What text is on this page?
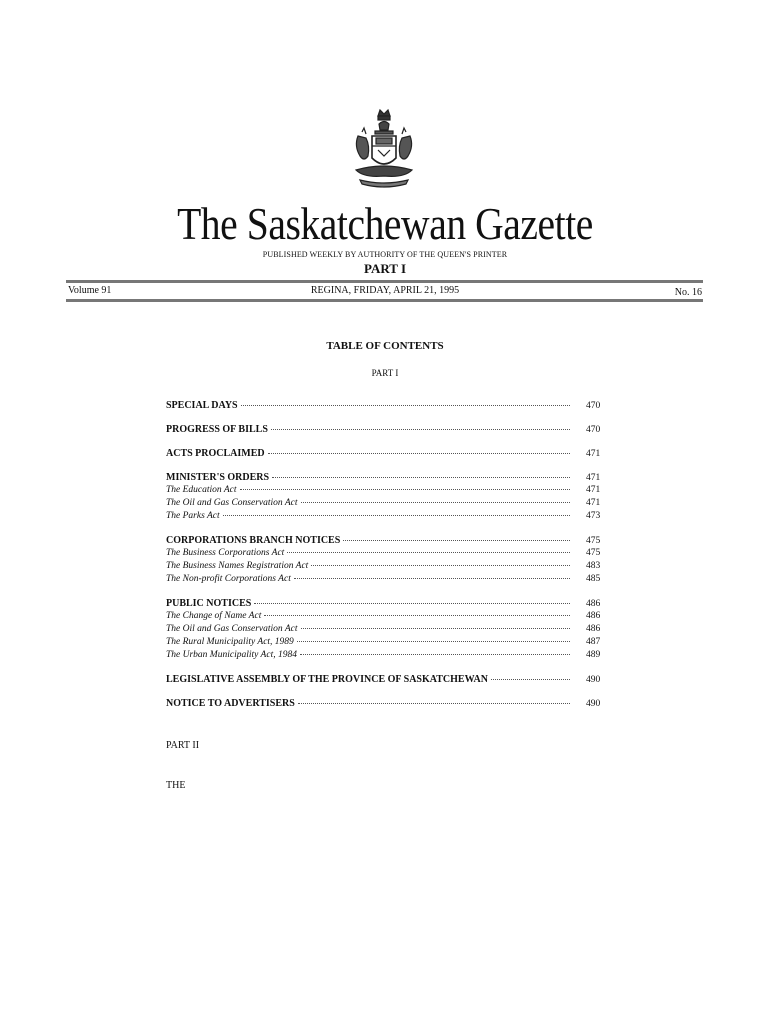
The Saskatchewan Gazette
PUBLISHED WEEKLY BY AUTHORITY OF THE QUEEN'S PRINTER
PART I
Volume 91	REGINA, FRIDAY, APRIL 21, 1995	No. 16
TABLE OF CONTENTS
PART I
SPECIAL DAYS	470
PROGRESS OF BILLS	470
ACTS PROCLAIMED	471
MINISTER'S ORDERS	471
The Education Act	471
The Oil and Gas Conservation Act	471
The Parks Act	473
CORPORATIONS BRANCH NOTICES	475
The Business Corporations Act	475
The Business Names Registration Act	483
The Non-profit Corporations Act	485
PUBLIC NOTICES	486
The Change of Name Act	486
The Oil and Gas Conservation Act	486
The Rural Municipality Act, 1989	487
The Urban Municipality Act, 1984	489
LEGISLATIVE ASSEMBLY OF THE PROVINCE OF SASKATCHEWAN	490
NOTICE TO ADVERTISERS	490
PART II
THE
